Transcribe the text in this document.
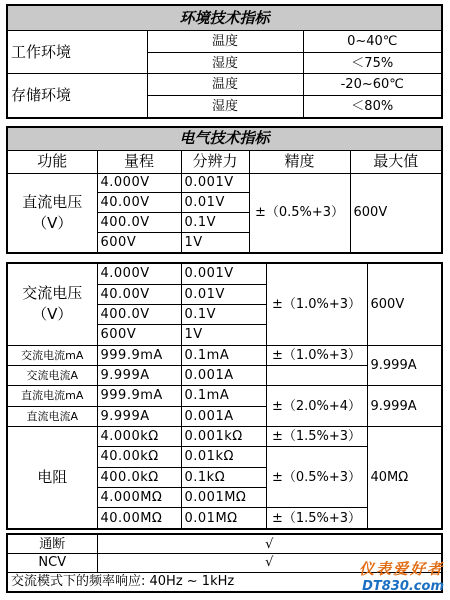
环境技术指标		
工作环境	温度	0~40℃
	湿度	＜75%
存储环境	温度	-20~60℃
	湿度	＜80%
电气技术指标				
功能	量程	分辨力	精度	最大值

直流电压
（V）	4.000V	0.001V	±（0.5%+3）	600V
	40.00V	0.01V		
	400.0V	0.1V		
	600V	1V		
交流电压
（V）	4.000V	0.001V	±（1.0%+3）	600V
	40.00V	0.01V		
	400.0V	0.1V		
	600V	1V		
交流电流mA	999.9mA	0.1mA	±（1.0%+3）	9.999A
交流电流A	9.999A	0.001A		
直流电流mA	999.9mA	0.1mA	±（2.0%+4）	9.999A
直流电流A	9.999A	0.001A		
电阻	4.000kΩ	0.001kΩ	±（1.5%+3）	40MΩ
	40.00kΩ	0.01kΩ	±（0.5%+3）	
	400.0kΩ	0.1kΩ		
	4.000MΩ	0.001MΩ		
	40.00MΩ	0.01MΩ	±（1.5%+3）	
通断	√
NCV	√
交流模式下的频率响应: 40Hz ~ 1kHz	
仪表爱好者
DT830.com
